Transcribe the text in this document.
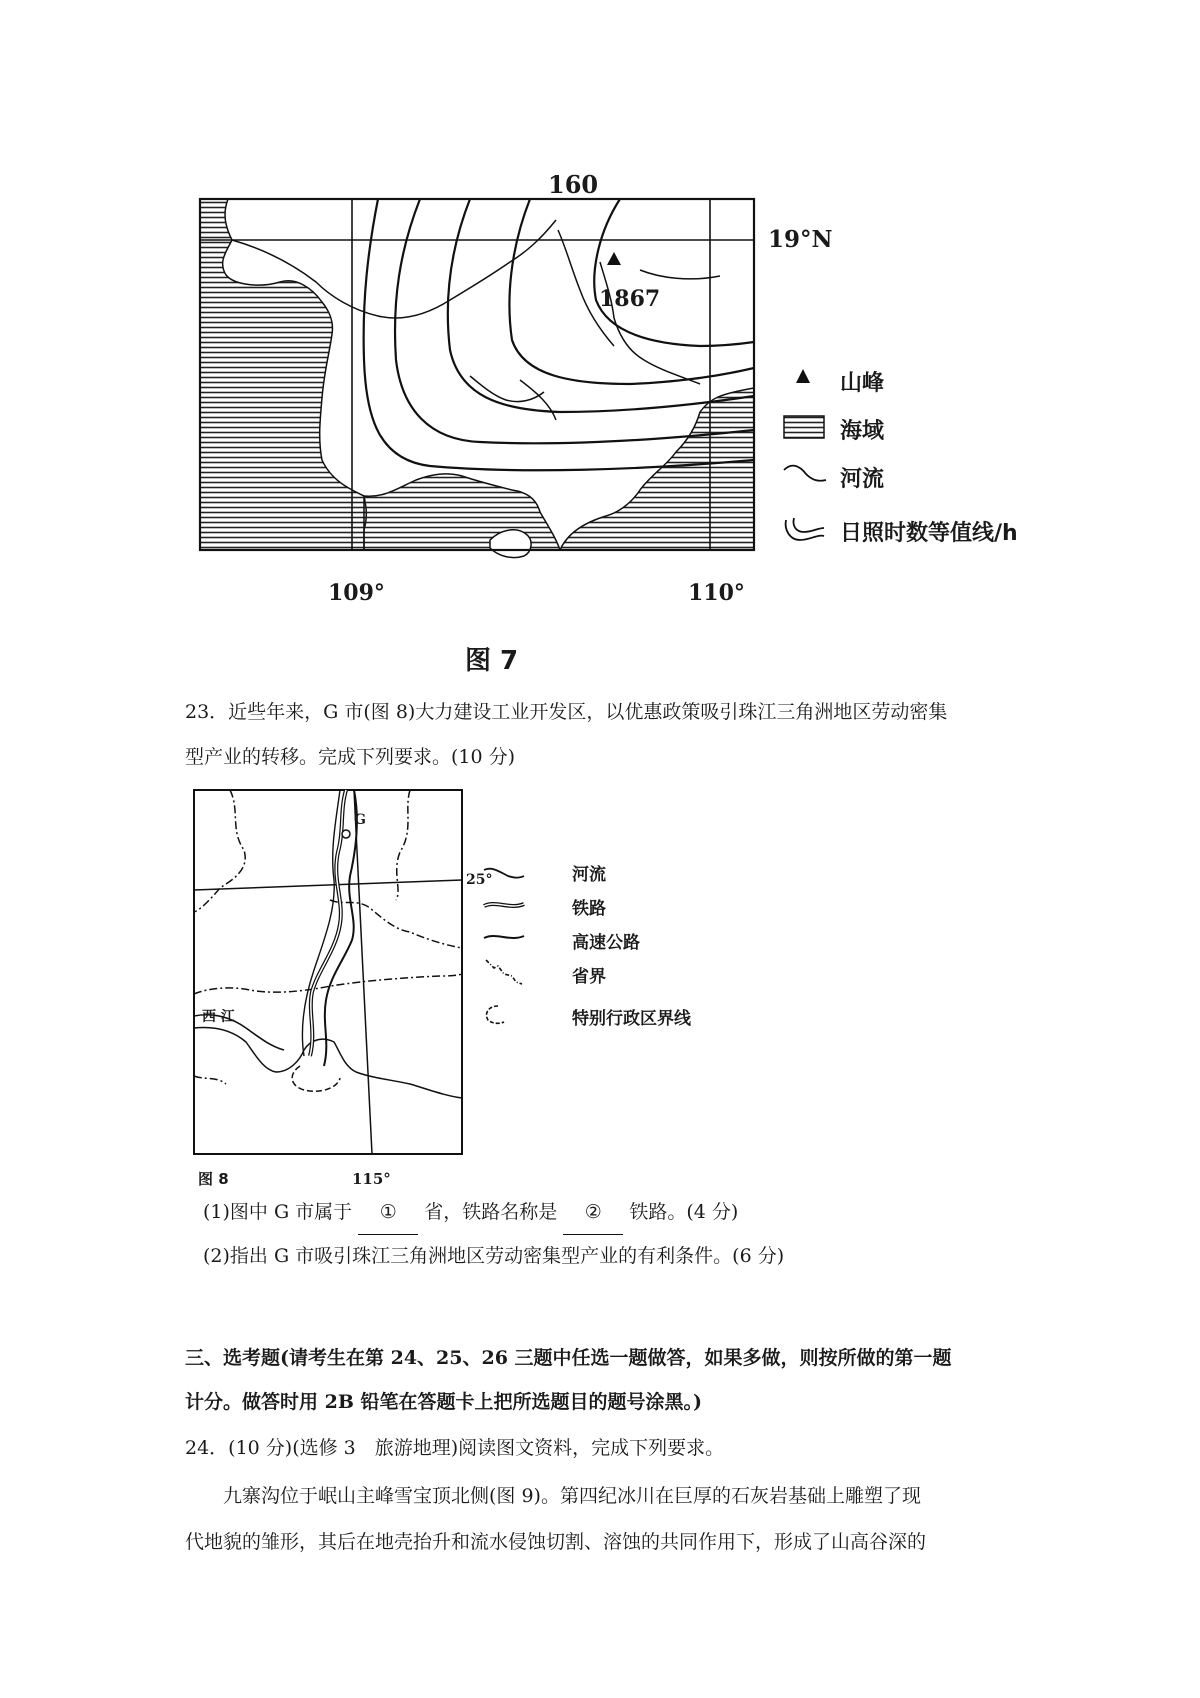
160
19°N
1867
109°	110°
山峰
海域
河流
日照时数等值线/h
图 7
23．近些年来，G 市(图 8)大力建设工业开发区，以优惠政策吸引珠江三角洲地区劳动密集
型产业的转移。完成下列要求。(10 分)
G
25°
115°
西 江
河流
铁路
高速公路
省界
特别行政区界线
图 8
(1)图中 G 市属于 ① 省，铁路名称是 ② 铁路。(4 分)
(2)指出 G 市吸引珠江三角洲地区劳动密集型产业的有利条件。(6 分)
三、选考题(请考生在第 24、25、26 三题中任选一题做答，如果多做，则按所做的第一题
计分。做答时用 2B 铅笔在答题卡上把所选题目的题号涂黑。)
24．(10 分)(选修 3　旅游地理)阅读图文资料，完成下列要求。
九寨沟位于岷山主峰雪宝顶北侧(图 9)。第四纪冰川在巨厚的石灰岩基础上雕塑了现
代地貌的雏形，其后在地壳抬升和流水侵蚀切割、溶蚀的共同作用下，形成了山高谷深的
